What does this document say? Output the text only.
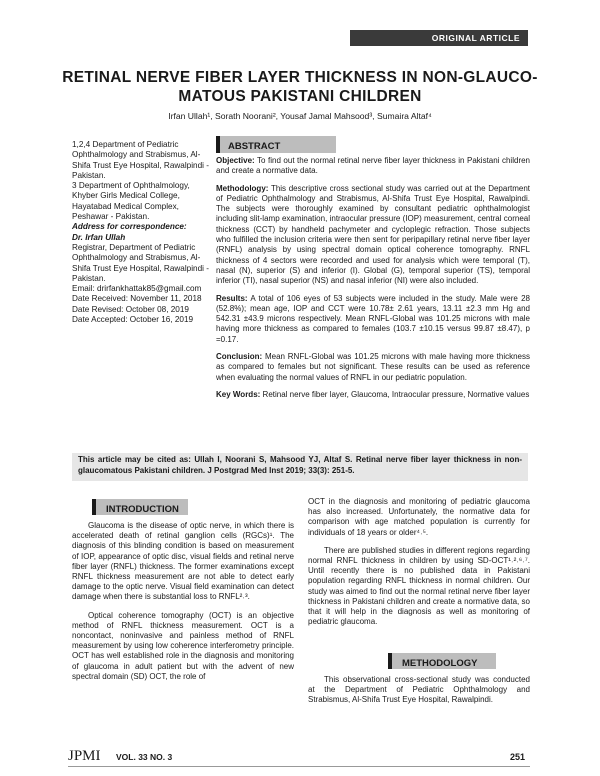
ORIGINAL ARTICLE
RETINAL NERVE FIBER LAYER THICKNESS IN NON-GLAUCO-
MATOUS PAKISTANI CHILDREN
Irfan Ullah¹, Sorath Noorani², Yousaf Jamal Mahsood³, Sumaira Altaf⁴

1,2,4 Department of Pediatric Ophthalmology and Strabismus, Al-Shifa Trust Eye Hospital, Rawalpindi - Pakistan.

3 Department of Ophthalmology, Khyber Girls Medical College, Hayatabad Medical Complex, Peshawar - Pakistan.

Address for correspondence:

Dr. Irfan Ullah

Registrar, Department of Pediatric Ophthalmology and Strabismus, Al-Shifa Trust Eye Hospital, Rawalpindi - Pakistan.

Email: drirfankhattak85@gmail.com

Date Received: November 11, 2018

Date Revised: October 08, 2019

Date Accepted: October 16, 2019

ABSTRACT

Objective: To find out the normal retinal nerve fiber layer thickness in Pakistani children and create a normative data.

Methodology: This descriptive cross sectional study was carried out at the Department of Pediatric Ophthalmology and Strabismus, Al-Shifa Trust Eye Hospital, Rawalpindi. The subjects were thoroughly examined by consultant pediatric ophthalmologist including slit-lamp examination, intraocular pressure (IOP) measurement, central corneal thickness (CCT) by handheld pachymeter and cycloplegic refraction. Those subjects who fulfilled the inclusion criteria were then sent for peripapillary retinal nerve fiber layer (RNFL) analysis by using spectral domain optical coherence tomography. RNFL thickness of 4 sectors were recorded and used for analysis which were temporal (T), nasal (N), superior (S) and inferior (I). Global (G), temporal superior (TS), temporal inferior (TI), nasal superior (NS) and nasal inferior (NI) were also included.

Results: A total of 106 eyes of 53 subjects were included in the study. Male were 28 (52.8%); mean age, IOP and CCT were 10.78± 2.61 years, 13.11 ±2.3 mm Hg and 542.31 ±43.9 microns respectively. Mean RNFL-Global was 101.25 microns with male having more thickness as compared to females (103.7 ±10.15 versus 99.87 ±8.47), p =0.17.

Conclusion: Mean RNFL-Global was 101.25 microns with male having more thickness as compared to females but not significant. These results can be used as reference when evaluating the normal values of RNFL in our pediatric population.

Key Words: Retinal nerve fiber layer, Glaucoma, Intraocular pressure, Normative values

This article may be cited as: Ullah I, Noorani S, Mahsood YJ, Altaf S. Retinal nerve fiber layer thickness in non-glaucomatous Pakistani children. J Postgrad Med Inst 2019; 33(3): 251-5.
INTRODUCTION

Glaucoma is the disease of optic nerve, in which there is accelerated death of retinal ganglion cells (RGCs)¹. The diagnosis of this blinding condition is based on measurement of IOP, appearance of optic disc, visual fields and retinal nerve fiber layer (RNFL) thickness. The former examinations except RNFL thickness measurement are not able to detect early damage to the optic nerve. Visual field examination can detect damage when there is substantial loss to RNFL²˒³.

Optical coherence tomography (OCT) is an objective method of RNFL thickness measurement. OCT is a noncontact, noninvasive and painless method of RNFL measurement by using low coherence interferometry principle. OCT has well established role in the diagnosis and monitoring of glaucoma in adult patient but with the advent of new spectral domain (SD) OCT, the role of

OCT in the diagnosis and monitoring of pediatric glaucoma has also increased. Unfortunately, the normative data for comparison with age matched population is currently for individuals of 18 years or older⁴˒⁵.

There are published studies in different regions regarding normal RNFL thickness in children by using SD-OCT¹˒²˒⁶˒⁷. Until recently there is no published data in Pakistani population regarding RNFL thickness in normal children. Our study was aimed to find out the normal retinal nerve fiber layer thickness in Pakistani children and create a normative data, so that it will help in the diagnosis as well as monitoring of pediatric glaucoma.

METHODOLOGY

This observational cross-sectional study was conducted at the Department of Pediatric Ophthalmology and Strabismus, Al-Shifa Trust Eye Hospital, Rawalpindi.

JPMI VOL. 33 NO. 3	251
